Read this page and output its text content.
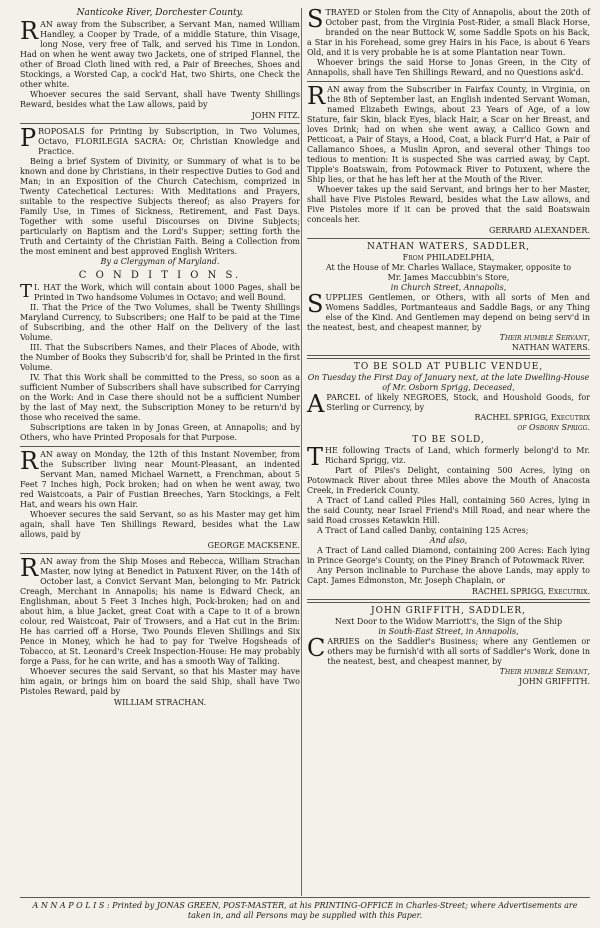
Nanticoke River, Dorchester County.

RAN away from the Subscriber, a Servant Man, named William Handley, a Cooper by Trade, of a middle Stature, thin Visage, long Nose, very free of Talk, and served his Time in London. Had on when he went away two Jackets, one of striped Flannel, the other of Broad Cloth lined with red, a Pair of Breeches, Shoes and Stockings, a Worsted Cap, a cock'd Hat, two Shirts, one Check the other white.

Whoever secures the said Servant, shall have Twenty Shillings Reward, besides what the Law allows, paid by

JOHN FITZ.

PROPOSALS for Printing by Subscription, in Two Volumes, Octavo, FLORILEGIA SACRA: Or, Christian Knowledge and Practice.

Being a brief System of Divinity, or Summary of what is to be known and done by Christians, in their respective Duties to God and Man; in an Exposition of the Church Catechism, comprized in Twenty Catechetical Lectures: With Meditations and Prayers, suitable to the respective Subjects thereof; as also Prayers for Family Use, in Times of Sickness, Retirement, and Fast Days. Together with some useful Discourses on Divine Subjects; particularly on Baptism and the Lord's Supper; setting forth the Truth and Certainty of the Christian Faith. Being a Collection from the most eminent and best approved English Writers.

By a Clergyman of Maryland.

C O N D I T I O N S.

I.
T HAT the Work, which will contain about 1000 Pages, shall be Printed in Two handsome Volumes in Octavo; and well Bound.

II. That the Price of the Two Volumes, shall be Twenty Shillings Maryland Currency, to Subscribers; one Half to be paid at the Time of Subscribing, and the other Half on the Delivery of the last Volume.

III. That the Subscribers Names, and their Places of Abode, with the Number of Books they Subscrib'd for, shall be Printed in the first Volume.

IV. That this Work shall be committed to the Press, so soon as a sufficient Number of Subscribers shall have subscribed for Carrying on the Work: And in Case there should not be a sufficient Number by the last of May next, the Subscription Money to be return'd by those who received the same.

Subscriptions are taken in by Jonas Green, at Annapolis; and by Others, who have Printed Proposals for that Purpose.

RAN away on Monday, the 12th of this Instant November, from the Subscriber living near Mount-Pleasant, an indented Servant Man, named Michael Warnett, a Frenchman, about 5 Feet 7 Inches high, Pock broken; had on when he went away, two red Waistcoats, a Pair of Fustian Breeches, Yarn Stockings, a Felt Hat, and wears his own Hair.

Whoever secures the said Servant, so as his Master may get him again, shall have Ten Shillings Reward, besides what the Law allows, paid by

GEORGE MACKSENE.

RAN away from the Ship Moses and Rebecca, William Strachan Master, now lying at Benedict in Patuxent River, on the 14th of October last, a Convict Servant Man, belonging to Mr. Patrick Creagh, Merchant in Annapolis; his name is Edward Check, an Englishman, about 5 Feet 3 Inches high, Pock-broken; had on and about him, a blue Jacket, great Coat with a Cape to it of a brown colour, red Waistcoat, Pair of Trowsers, and a Hat cut in the Brim: He has carried off a Horse, Two Pounds Eleven Shillings and Six Pence in Money, which he had to pay for Twelve Hogsheads of Tobacco, at St. Leonard's Creek Inspection-House: He may probably forge a Pass, for he can write, and has a smooth Way of Talking.

Whoever secures the said Servant, so that his Master may have him again, or brings him on board the said Ship, shall have Two Pistoles Reward, paid by

WILLIAM STRACHAN.

STRAYED or Stolen from the City of Annapolis, about the 20th of October past, from the Virginia Post-Rider, a small Black Horse, branded on the near Buttock W, some Saddle Spots on his Back, a Star in his Forehead, some grey Hairs in his Face, is about 6 Years Old, and it is very probable he is at some Plantation near Town.

Whoever brings the said Horse to Jonas Green, in the City of Annapolis, shall have Ten Shillings Reward, and no Questions ask'd.

RAN away from the Subscriber in Fairfax County, in Virginia, on the 8th of September last, an English indented Servant Woman, named Elizabeth Ewings, about 23 Years of Age, of a low Stature, fair Skin, black Eyes, black Hair, a Scar on her Breast, and loves Drink; had on when she went away, a Callico Gown and Petticoat, a Pair of Stays, a Hood, Coat, a black Furr'd Hat, a Pair of Callamanco Shoes, a Muslin Apron, and several other Things too tedious to mention: It is suspected She was carried away, by Capt. Tipple's Boatswain, from Potowmack River to Potuxent, where the Ship lies, or that he has left her at the Mouth of the River.

Whoever takes up the said Servant, and brings her to her Master, shall have Five Pistoles Reward, besides what the Law allows, and Five Pistoles more if it can be proved that the said Boatswain conceals her.

GERRARD ALEXANDER.

NATHAN WATERS, SADDLER,

From PHILADELPHIA,

At the House of Mr. Charles Wallace, Staymaker, opposite to

Mr. James Maccubbin's Store,

in Church Street, Annapolis,

SUPPLIES Gentlemen, or Others, with all sorts of Men and Womens Saddles, Portmanteaus and Saddle Bags, or any Thing else of the Kind. And Gentlemen may depend on being serv'd in the neatest, best, and cheapest manner, by

Their humble Servant,

NATHAN WATERS.

TO BE SOLD AT PUBLIC VENDUE,

On Tuesday the First Day of January next, at the late Dwelling-House of Mr. Osborn Sprigg, Deceased,

APARCEL of likely NEGROES, Stock, and Houshold Goods, for Sterling or Currency, by

RACHEL SPRIGG, Executrix

of Osborn Sprigg.

TO BE SOLD,

THE following Tracts of Land, which formerly belong'd to Mr. Richard Sprigg, viz.

Part of Piles's Delight, containing 500 Acres, lying on Potowmack River about three Miles above the Mouth of Anacosta Creek, in Frederick County.

A Tract of Land called Piles Hall, containing 560 Acres, lying in the said County, near Israel Friend's Mill Road, and near where the said Road crosses Ketawkin Hill.

A Tract of Land called Danby, containing 125 Acres;

And also,

A Tract of Land called Diamond, containing 200 Acres: Each lying in Prince George's County, on the Piney Branch of Potowmack River.

Any Person inclinable to Purchase the above Lands, may apply to Capt. James Edmonston, Mr. Joseph Chaplain, or

RACHEL SPRIGG, Executrix.

JOHN GRIFFITH, SADDLER,

Next Door to the Widow Marriott's, the Sign of the Ship

in South-East Street, in Annapolis,

CARRIES on the Saddler's Business; where any Gentlemen or others may be furnish'd with all sorts of Saddler's Work, done in the neatest, best, and cheapest manner, by

Their humble Servant,

JOHN GRIFFITH.

A N N A P O L I S : Printed by JONAS GREEN, POST-MASTER, at his PRINTING-OFFICE in Charles-Street; where Advertisements are taken in, and all Persons may be supplied with this Paper.
